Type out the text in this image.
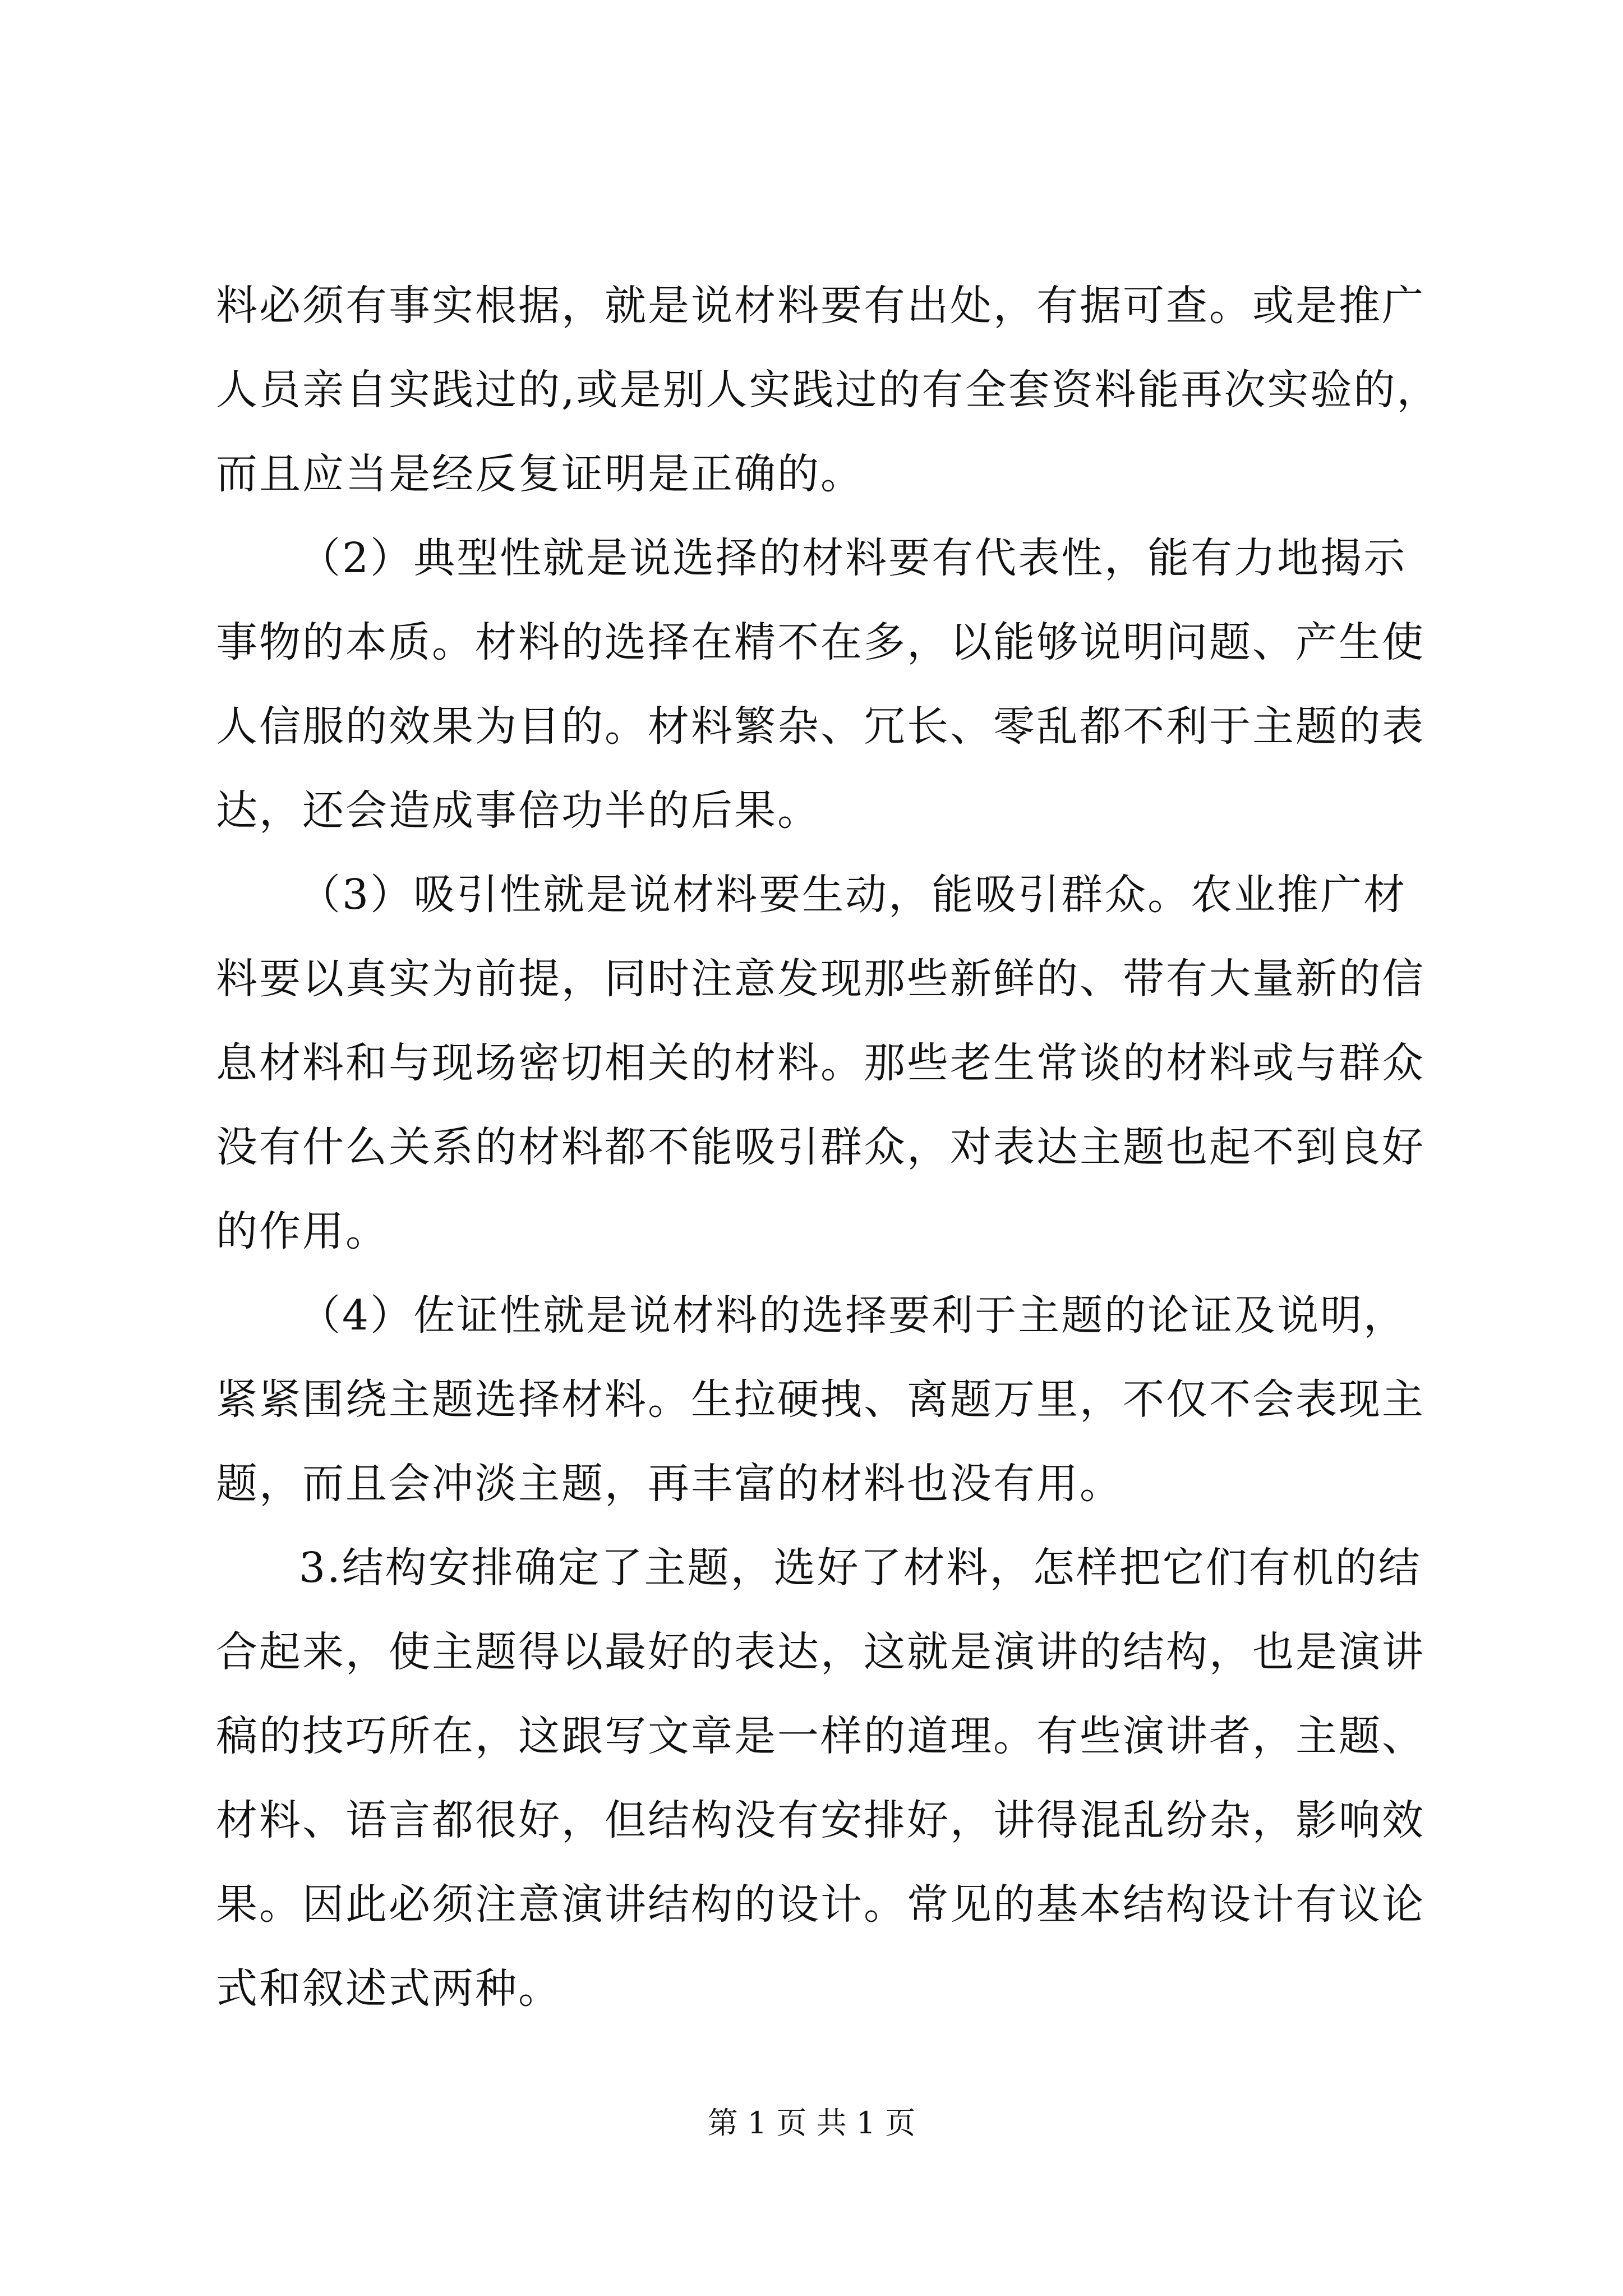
料必须有事实根据，就是说材料要有出处，有据可查。或是推广
人员亲自实践过的,或是别人实践过的有全套资料能再次实验的，
而且应当是经反复证明是正确的。
（2）典型性就是说选择的材料要有代表性，能有力地揭示
事物的本质。材料的选择在精不在多，以能够说明问题、产生使
人信服的效果为目的。材料繁杂、冗长、零乱都不利于主题的表
达，还会造成事倍功半的后果。
（3）吸引性就是说材料要生动，能吸引群众。农业推广材
料要以真实为前提，同时注意发现那些新鲜的、带有大量新的信
息材料和与现场密切相关的材料。那些老生常谈的材料或与群众
没有什么关系的材料都不能吸引群众，对表达主题也起不到良好
的作用。
（4）佐证性就是说材料的选择要利于主题的论证及说明，
紧紧围绕主题选择材料。生拉硬拽、离题万里，不仅不会表现主
题，而且会冲淡主题，再丰富的材料也没有用。
3.结构安排确定了主题，选好了材料，怎样把它们有机的结
合起来，使主题得以最好的表达，这就是演讲的结构，也是演讲
稿的技巧所在，这跟写文章是一样的道理。有些演讲者，主题、
材料、语言都很好，但结构没有安排好，讲得混乱纷杂，影响效
果。因此必须注意演讲结构的设计。常见的基本结构设计有议论
式和叙述式两种。
第 1 页 共 1 页
